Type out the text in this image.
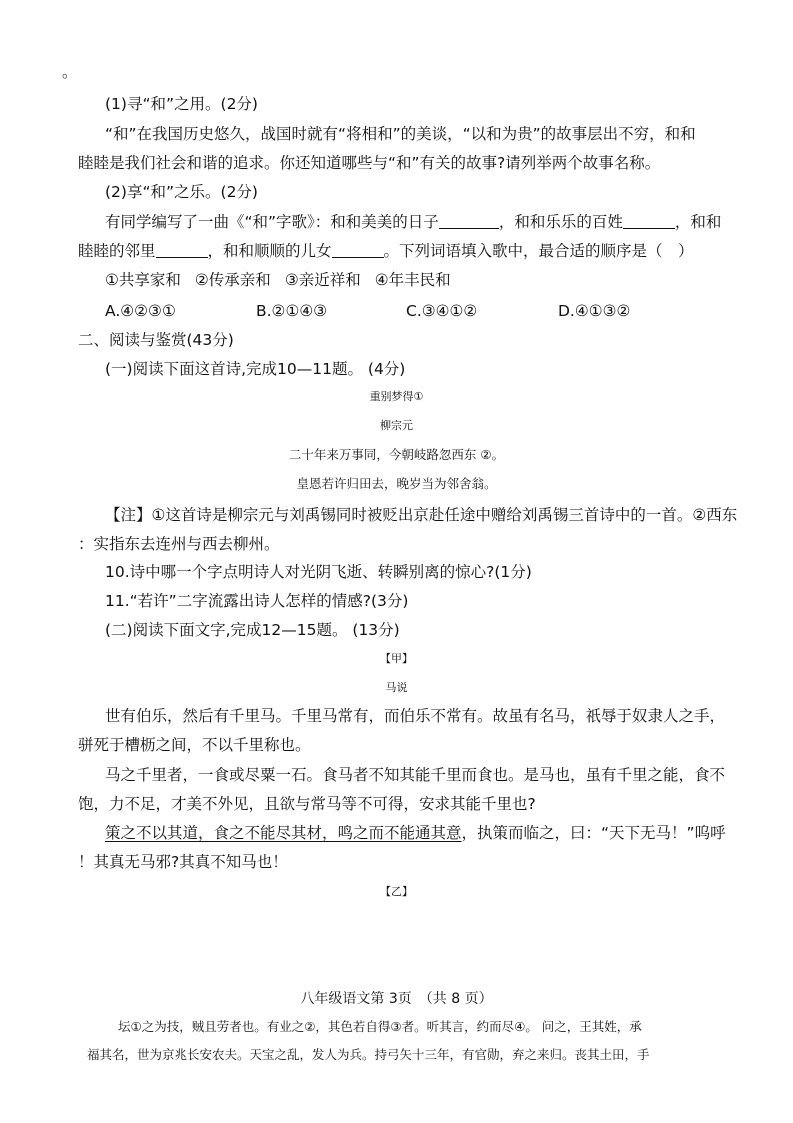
。
(1)寻“和”之用。(2分)
“和”在我国历史悠久，战国时就有“将相和”的美谈，“以和为贵”的故事层出不穷，和和
睦睦是我们社会和谐的追求。你还知道哪些与“和”有关的故事?请列举两个故事名称。
(2)享“和”之乐。(2分)
有同学编写了一曲《“和”字歌》：和和美美的日子	，和和乐乐的百姓	，和和
睦睦的邻里	，和和顺顺的儿女	。下列词语填入歌中，最合适的顺序是（　）
①共享家和 ②传承亲和 ③亲近祥和 ④年丰民和
A.④②③①	B.②①④③	C.③④①②	D.④①③②
二、阅读与鉴赏(43分)
(一)阅读下面这首诗,完成10—11题。 (4分)
重别梦得①
柳宗元
二十年来万事同，今朝岐路忽西东 ②。
皇恩若许归田去，晚岁当为邻舍翁。
【注】①这首诗是柳宗元与刘禹锡同时被贬出京赴任途中赠给刘禹锡三首诗中的一首。②西东
：实指东去连州与西去柳州。
10.诗中哪一个字点明诗人对光阴飞逝、转瞬别离的惊心?(1分)
11.“若许”二字流露出诗人怎样的情感?(3分)
(二)阅读下面文字,完成12—15题。 (13分)
【甲】
马说
世有伯乐，然后有千里马。千里马常有，而伯乐不常有。故虽有名马，祇辱于奴隶人之手，
骈死于槽枥之间，不以千里称也。
马之千里者，一食或尽粟一石。食马者不知其能千里而食也。是马也，虽有千里之能，食不
饱，力不足，才美不外见，且欲与常马等不可得，安求其能千里也?
策之不以其道，食之不能尽其材，鸣之而不能通其意，执策而临之，曰：“天下无马！”呜呼
！其真无马邪?其真不知马也！
【乙】
八年级语文第 3页　（共 8 页）
坛①之为技，贼且劳者也。有业之②，其色若自得③者。听其言，约而尽④。 问之，王其姓，承
福其名，世为京兆长安农夫。天宝之乱，发人为兵。持弓矢十三年，有官勋，弃之来归。丧其土田，手
